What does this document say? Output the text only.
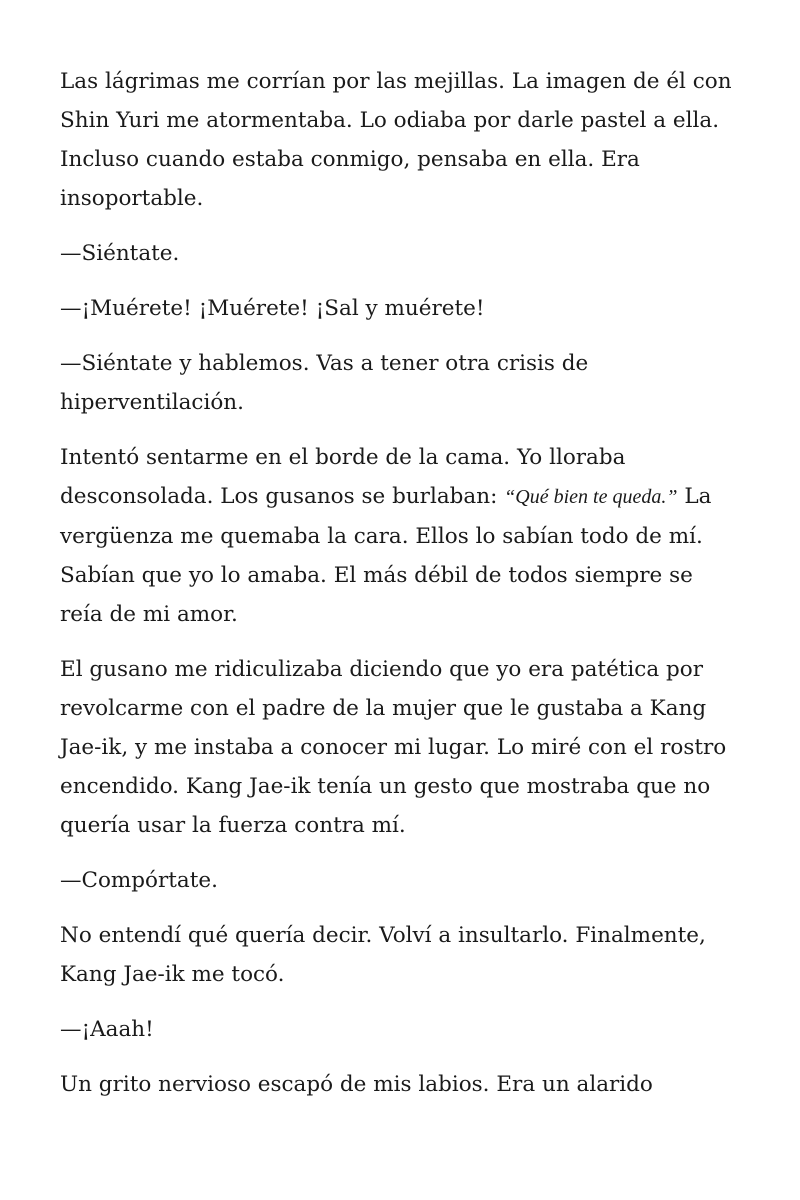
Las lágrimas me corrían por las mejillas. La imagen de él con Shin Yuri me atormentaba. Lo odiaba por darle pastel a ella. Incluso cuando estaba conmigo, pensaba en ella. Era insoportable.

—Siéntate.

—¡Muérete! ¡Muérete! ¡Sal y muérete!

—Siéntate y hablemos. Vas a tener otra crisis de hiperventilación.

Intentó sentarme en el borde de la cama. Yo lloraba desconsolada. Los gusanos se burlaban: “Qué bien te queda.” La vergüenza me quemaba la cara. Ellos lo sabían todo de mí. Sabían que yo lo amaba. El más débil de todos siempre se reía de mi amor.

El gusano me ridiculizaba diciendo que yo era patética por revolcarme con el padre de la mujer que le gustaba a Kang Jae-ik, y me instaba a conocer mi lugar. Lo miré con el rostro encendido. Kang Jae-ik tenía un gesto que mostraba que no quería usar la fuerza contra mí.

—Compórtate.

No entendí qué quería decir. Volví a insultarlo. Finalmente, Kang Jae-ik me tocó.

—¡Aaah!

Un grito nervioso escapó de mis labios. Era un alarido
